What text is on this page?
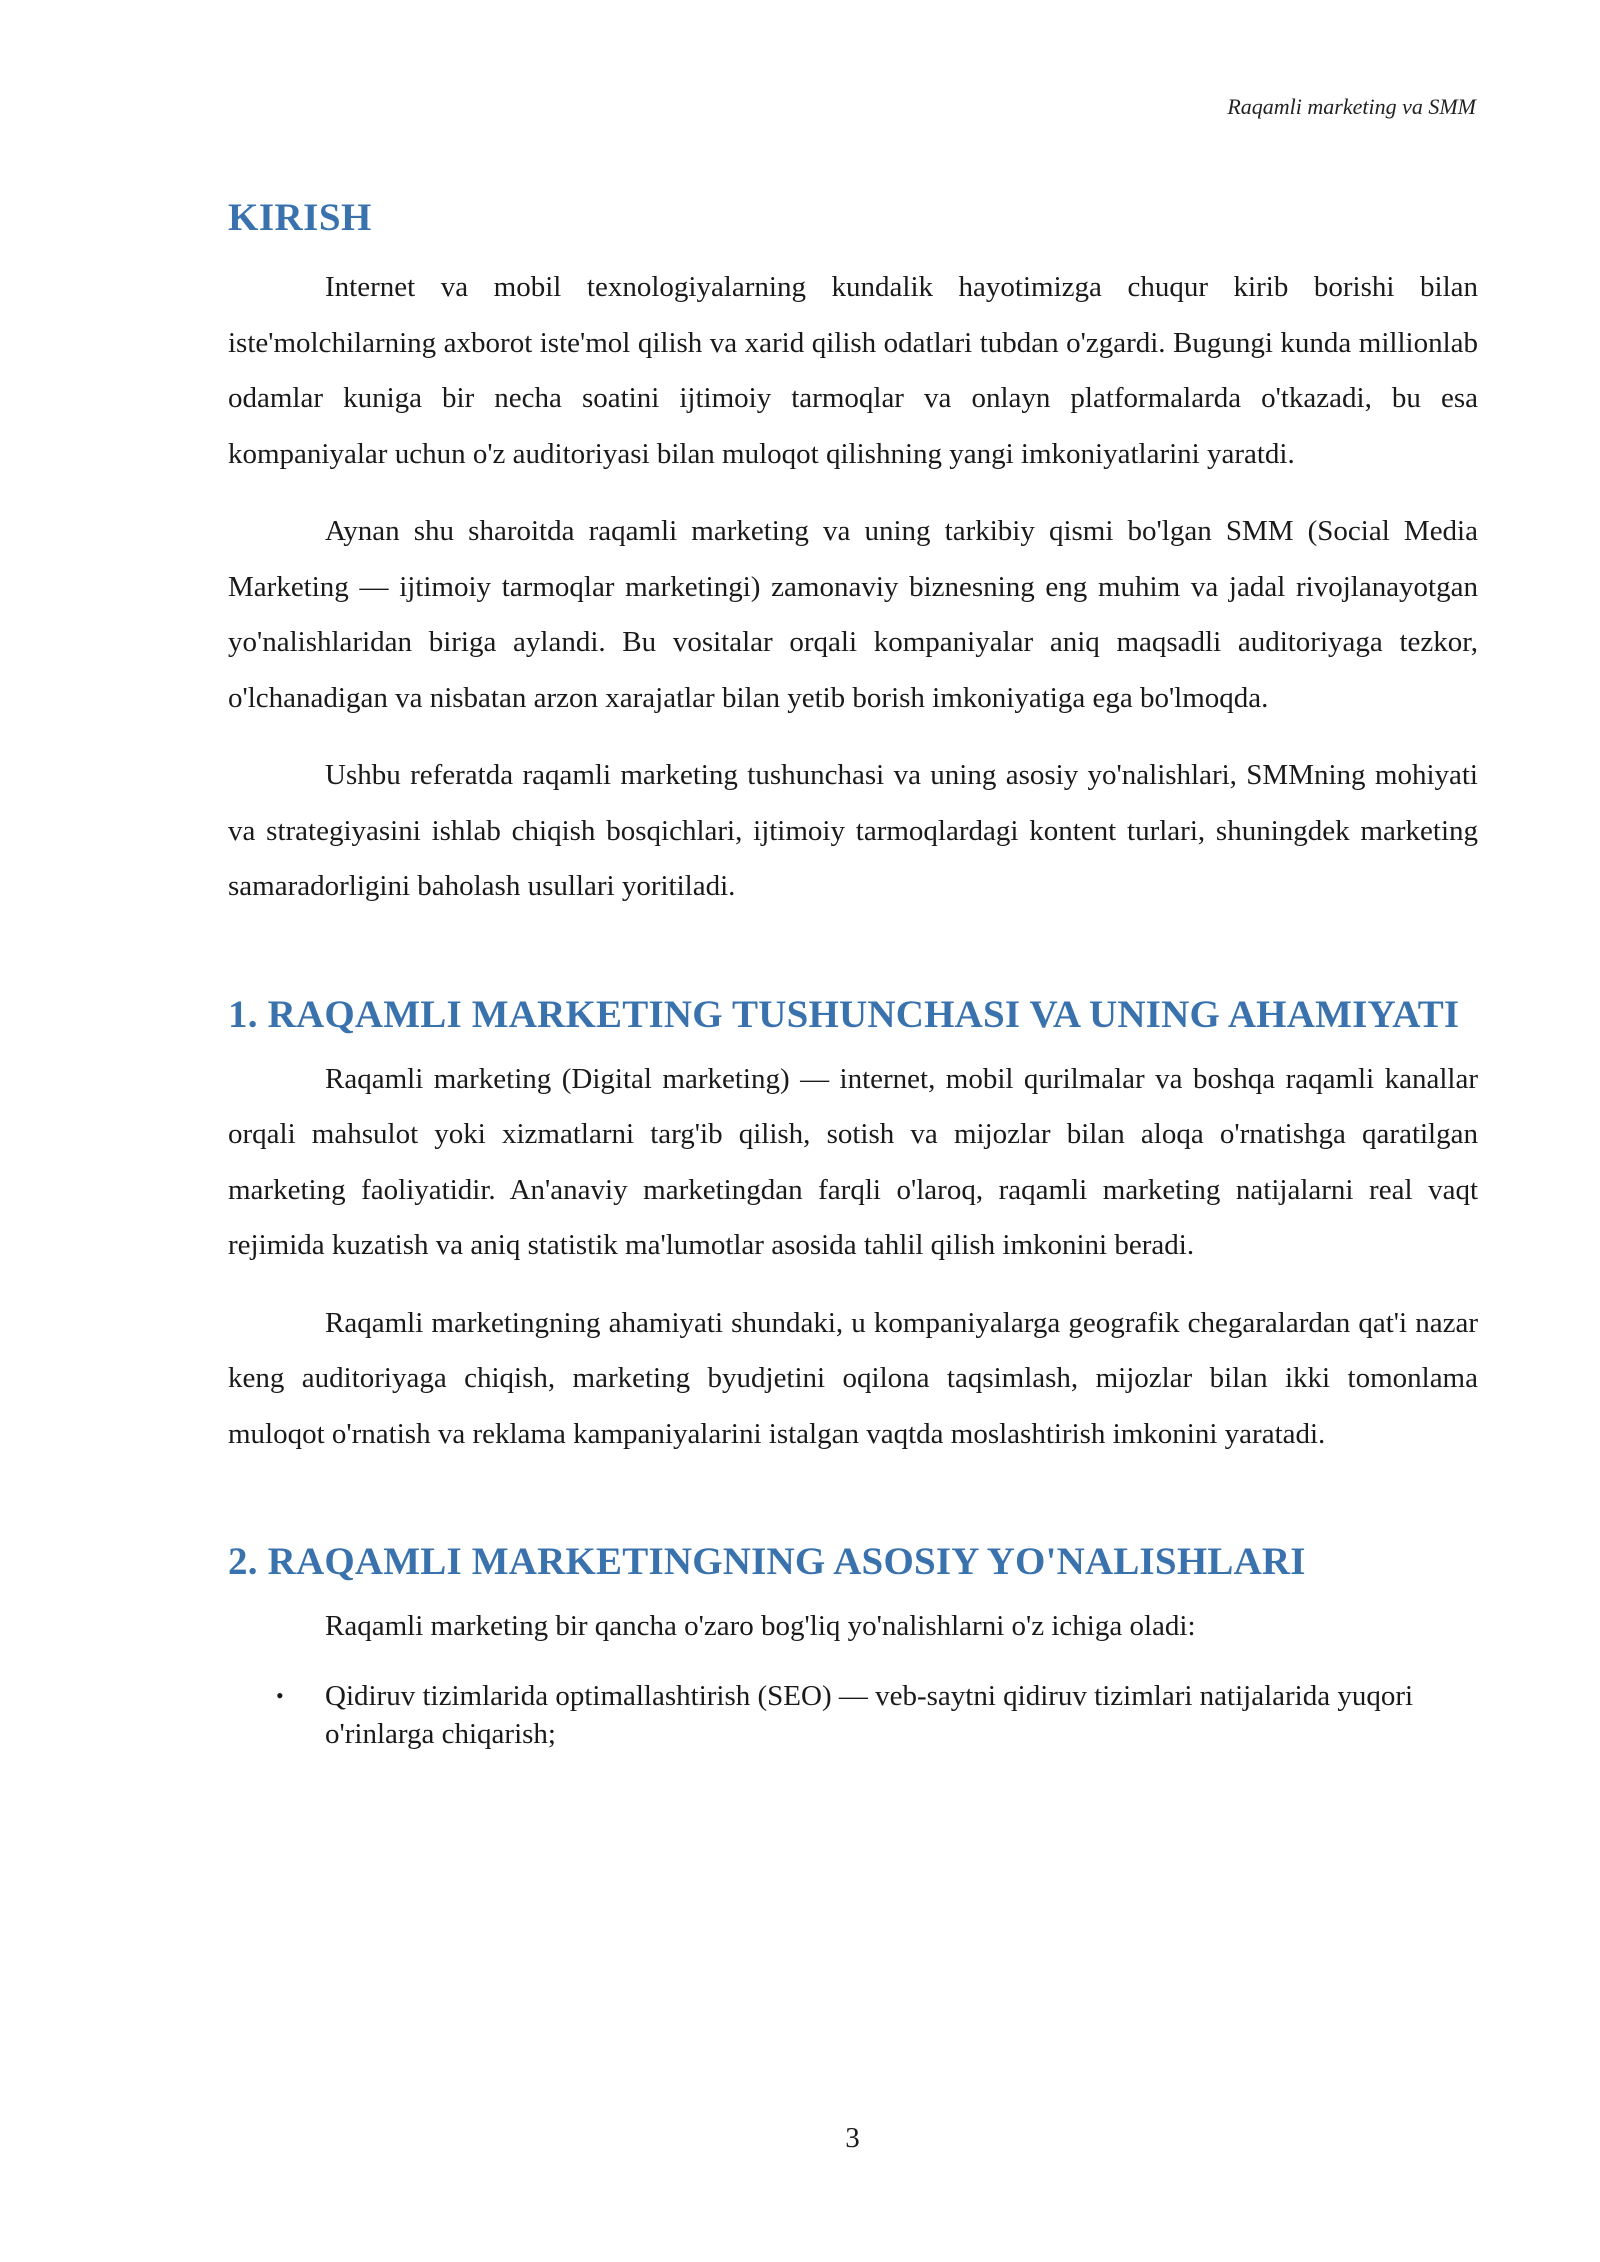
Raqamli marketing va SMM
KIRISH

Internet va mobil texnologiyalarning kundalik hayotimizga chuqur kirib borishi bilan iste'molchilarning axborot iste'mol qilish va xarid qilish odatlari tubdan o'zgardi. Bugungi kunda millionlab odamlar kuniga bir necha soatini ijtimoiy tarmoqlar va onlayn platformalarda o'tkazadi, bu esa kompaniyalar uchun o'z auditoriyasi bilan muloqot qilishning yangi imkoniyatlarini yaratdi.

Aynan shu sharoitda raqamli marketing va uning tarkibiy qismi bo'lgan SMM (Social Media Marketing — ijtimoiy tarmoqlar marketingi) zamonaviy biznesning eng muhim va jadal rivojlanayotgan yo'nalishlaridan biriga aylandi. Bu vositalar orqali kompaniyalar aniq maqsadli auditoriyaga tezkor, o'lchanadigan va nisbatan arzon xarajatlar bilan yetib borish imkoniyatiga ega bo'lmoqda.

Ushbu referatda raqamli marketing tushunchasi va uning asosiy yo'nalishlari, SMMning mohiyati va strategiyasini ishlab chiqish bosqichlari, ijtimoiy tarmoqlardagi kontent turlari, shuningdek marketing samaradorligini baholash usullari yoritiladi.

1. RAQAMLI MARKETING TUSHUNCHASI VA UNING AHAMIYATI

Raqamli marketing (Digital marketing) — internet, mobil qurilmalar va boshqa raqamli kanallar orqali mahsulot yoki xizmatlarni targ'ib qilish, sotish va mijozlar bilan aloqa o'rnatishga qaratilgan marketing faoliyatidir. An'anaviy marketingdan farqli o'laroq, raqamli marketing natijalarni real vaqt rejimida kuzatish va aniq statistik ma'lumotlar asosida tahlil qilish imkonini beradi.

Raqamli marketingning ahamiyati shundaki, u kompaniyalarga geografik chegaralardan qat'i nazar keng auditoriyaga chiqish, marketing byudjetini oqilona taqsimlash, mijozlar bilan ikki tomonlama muloqot o'rnatish va reklama kampaniyalarini istalgan vaqtda moslashtirish imkonini yaratadi.

2. RAQAMLI MARKETINGNING ASOSIY YO'NALISHLARI

Raqamli marketing bir qancha o'zaro bog'liq yo'nalishlarni o'z ichiga oladi:

• Qidiruv tizimlarida optimallashtirish (SEO) — veb-saytni qidiruv tizimlari natijalarida yuqori o'rinlarga chiqarish;
3
